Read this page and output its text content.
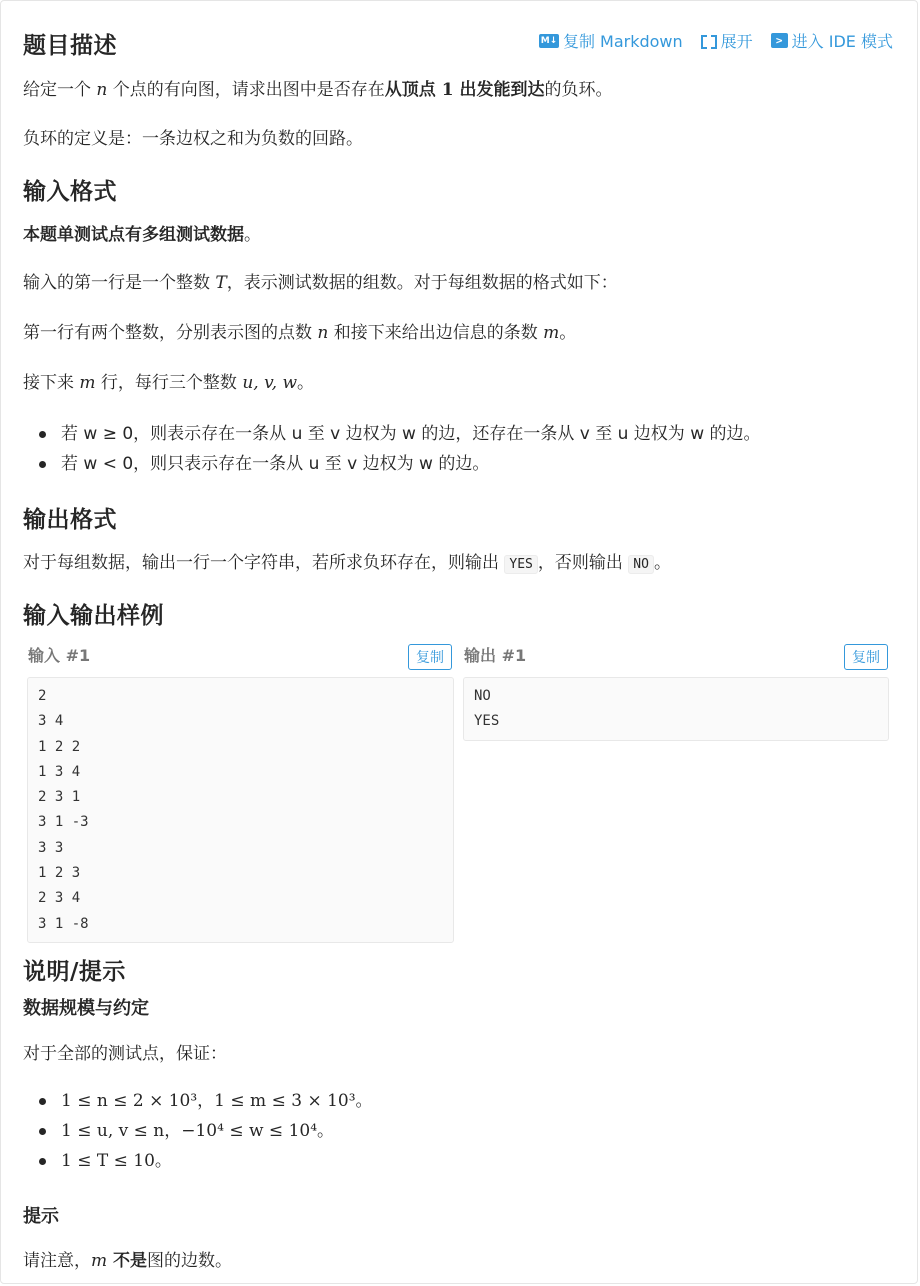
M↓ 复制 Markdown 展开	> 进入 IDE 模式
题目描述

给定一个 n 个点的有向图，请求出图中是否存在从顶点 1 出发能到达的负环。

负环的定义是：一条边权之和为负数的回路。

输入格式

本题单测试点有多组测试数据。

输入的第一行是一个整数 T，表示测试数据的组数。对于每组数据的格式如下：

第一行有两个整数，分别表示图的点数 n 和接下来给出边信息的条数 m。

接下来 m 行，每行三个整数 u, v, w。

若 w ≥ 0，则表示存在一条从 u 至 v 边权为 w 的边，还存在一条从 v 至 u 边权为 w 的边。
若 w < 0，则只表示存在一条从 u 至 v 边权为 w 的边。
输出格式

对于每组数据，输出一行一个字符串，若所求负环存在，则输出 YES ，否则输出 NO 。

输入输出样例
输入 #1	复制	输出 #1	复制
2
3 4
1 2 2
1 3 4
2 3 1
3 1 -3
3 3
1 2 3
2 3 4
3 1 -8
NO
YES
说明/提示
数据规模与约定

对于全部的测试点，保证：

1 ≤ n ≤ 2 × 10³，1 ≤ m ≤ 3 × 10³。
1 ≤ u, v ≤ n，−10⁴ ≤ w ≤ 10⁴。
1 ≤ T ≤ 10。
提示

请注意，m 不是图的边数。
